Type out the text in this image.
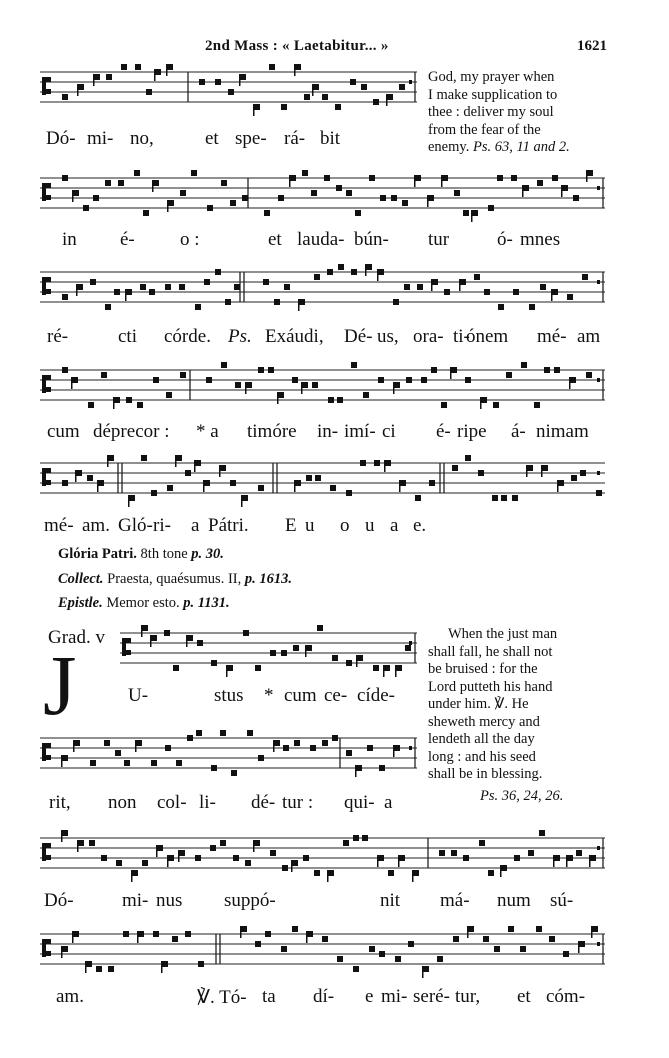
2nd Mass : « Laetabitur... »	1621
God, my prayer when
I make supplication to
thee : deliver my soul
from the fear of the
enemy. Ps. 63, 11 and 2.
Dó- mi- no,	et spe- rá- bit
in é- o :	et lauda- bún- tur	ó- mnes
ré-	cti córde. Ps. Exáudi, Dé- us, ora- ti-
ónem mé- am
cum déprecor : * a timóre in- imí- ci é- ripe á- nimam
mé- am. Gló- ri- a Pátri. E u o u a e.
Glória Patri. 8th tone p. 30.
Collect. Praesta, quaésumus. II, p. 1613.
Epistle. Memor esto. p. 1131.
Grad. v
J	U-	stus * cum ce- cíde-
When the just man
shall fall, he shall not
be bruised : for the
Lord putteth his hand
under him. ℣. He
sheweth mercy and
lendeth all the day
long : and his seed
shall be in blessing.
Ps. 36, 24, 26.
rit, non col- li- dé- tur : qui- a
Dó-	mi- nus suppó-	nit má- num sú-
am.	℣. Tó- ta dí- e mi- seré- tur, et cóm-
